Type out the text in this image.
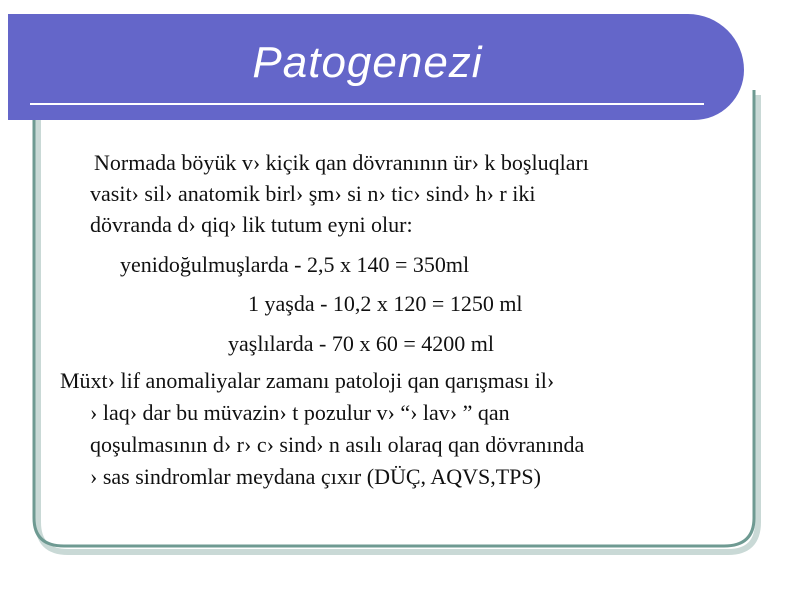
Patogenezi
Normada böyük v› kiçik qan dövranının ür› k boşluqları
vasit› sil› anatomik birl› şm› si n› tic› sind› h› r iki
dövranda d› qiq› lik tutum eyni olur:
yenidoğulmuşlarda - 2,5 x 140 = 350ml
1 yaşda - 10,2 x 120 = 1250 ml
yaşlılarda - 70 x 60 = 4200 ml
Müxt› lif anomaliyalar zamanı patoloji qan qarışması il›
› laq› dar bu müvazin› t pozulur v› “› lav› ” qan
qoşulmasının d› r› c› sind› n asılı olaraq qan dövranında
› sas sindromlar meydana çıxır (DÜÇ, AQVS,TPS)
